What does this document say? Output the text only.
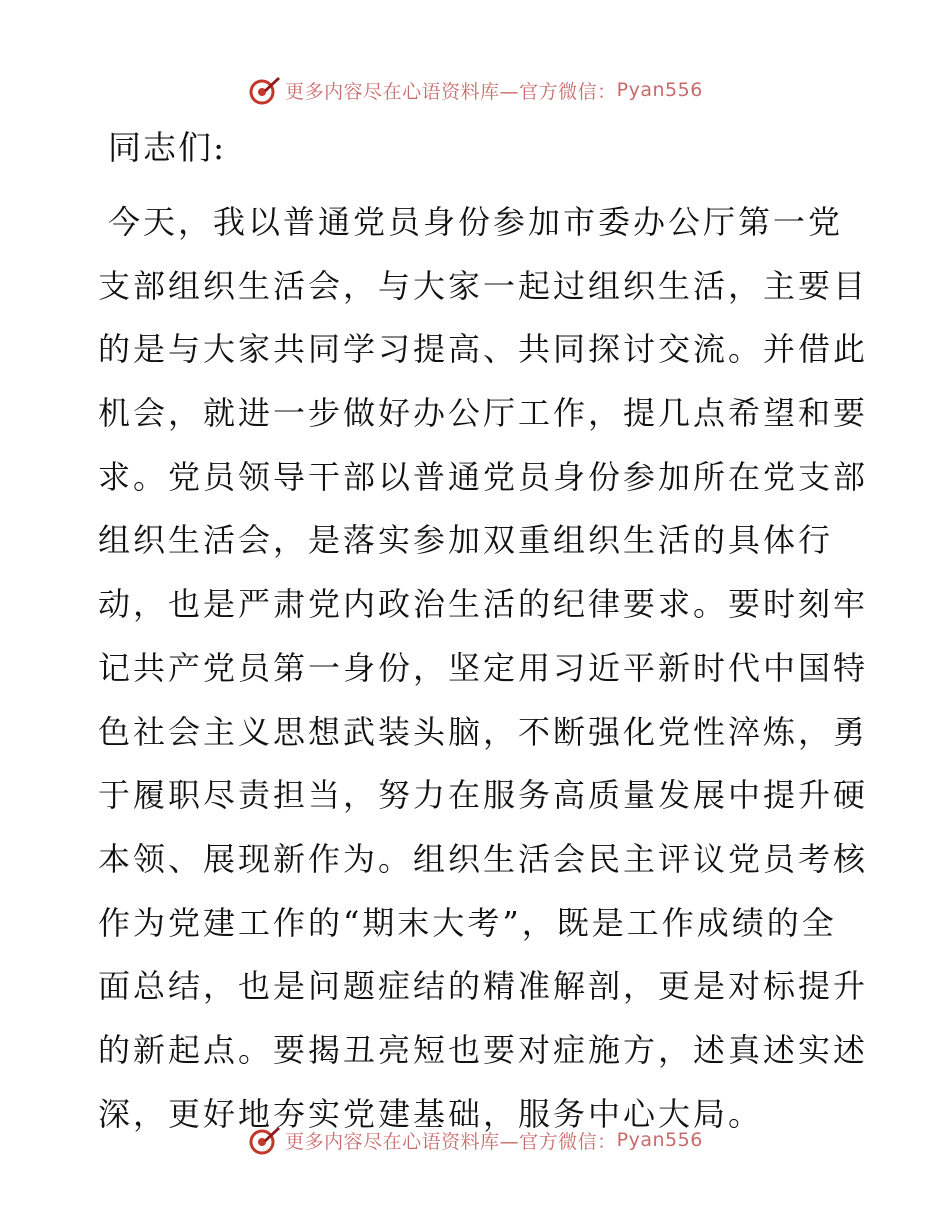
更多内容尽在心语资料库—官方微信： Pyan556
同志们:
今天，我以普通党员身份参加市委办公厅第一党
支部组织生活会，与大家一起过组织生活，主要目
的是与大家共同学习提高、共同探讨交流。并借此
机会，就进一步做好办公厅工作，提几点希望和要
求。党员领导干部以普通党员身份参加所在党支部
组织生活会，是落实参加双重组织生活的具体行
动，也是严肃党内政治生活的纪律要求。要时刻牢
记共产党员第一身份，坚定用习近平新时代中国特
色社会主义思想武装头脑，不断强化党性淬炼，勇
于履职尽责担当，努力在服务高质量发展中提升硬
本领、展现新作为。组织生活会民主评议党员考核
作为党建工作的“期末大考”，既是工作成绩的全
面总结，也是问题症结的精准解剖，更是对标提升
的新起点。要揭丑亮短也要对症施方，述真述实述
深，更好地夯实党建基础，服务中心大局。
更多内容尽在心语资料库—官方微信： Pyan556
